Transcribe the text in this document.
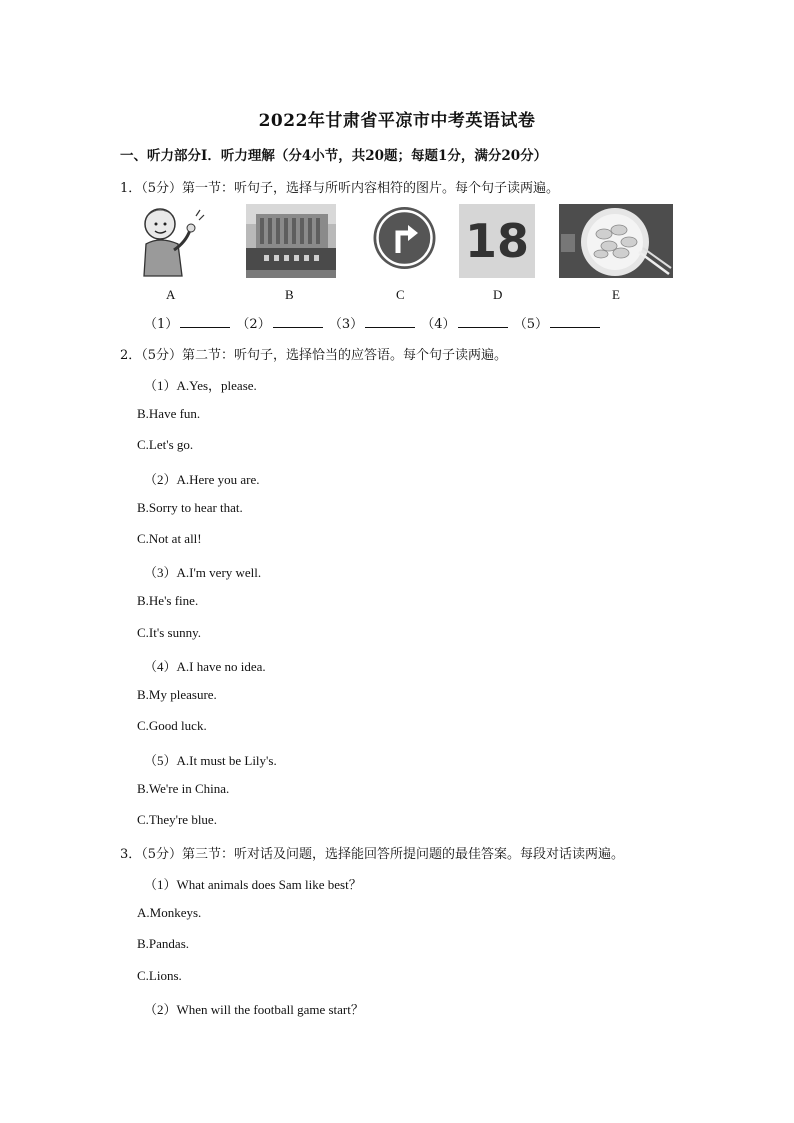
2022年甘肃省平凉市中考英语试卷
一、听力部分Ⅰ．听力理解（分4小节，共20题；每题1分，满分20分）
1．（5分）第一节：听句子，选择与所听内容相符的图片。每个句子读两遍。
A	B	C
18
D	E
（1）	（2）	（3）	（4）	（5）
2．（5分）第二节：听句子，选择恰当的应答语。每个句子读两遍。
（1）A.Yes，please.
B.Have fun.
C.Let's go.
（2）A.Here you are.
B.Sorry to hear that.
C.Not at all!
（3）A.I'm very well.
B.He's fine.
C.It's sunny.
（4）A.I have no idea.
B.My pleasure.
C.Good luck.
（5）A.It must be Lily's.
B.We're in China.
C.They're blue.
3．（5分）第三节：听对话及问题，选择能回答所提问题的最佳答案。每段对话读两遍。
（1）What animals does Sam like best？
A.Monkeys.
B.Pandas.
C.Lions.
（2）When will the football game start？
